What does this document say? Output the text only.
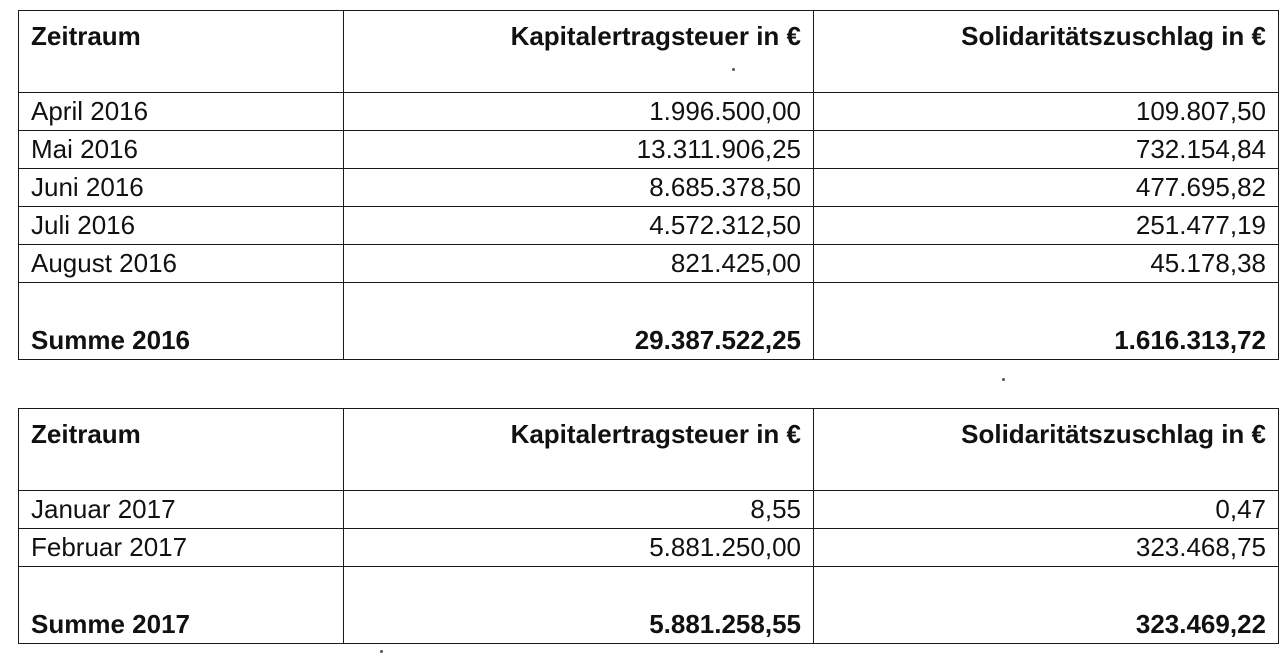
Zeitraum	Kapitalertragsteuer in €	Solidaritätszuschlag in €
April 2016	1.996.500,00	109.807,50
Mai 2016	13.311.906,25	732.154,84
Juni 2016	8.685.378,50	477.695,82
Juli 2016	4.572.312,50	251.477,19
August 2016	821.425,00	45.178,38
Summe 2016	29.387.522,25	1.616.313,72
Zeitraum	Kapitalertragsteuer in €	Solidaritätszuschlag in €
Januar 2017	8,55	0,47
Februar 2017	5.881.250,00	323.468,75
Summe 2017	5.881.258,55	323.469,22
